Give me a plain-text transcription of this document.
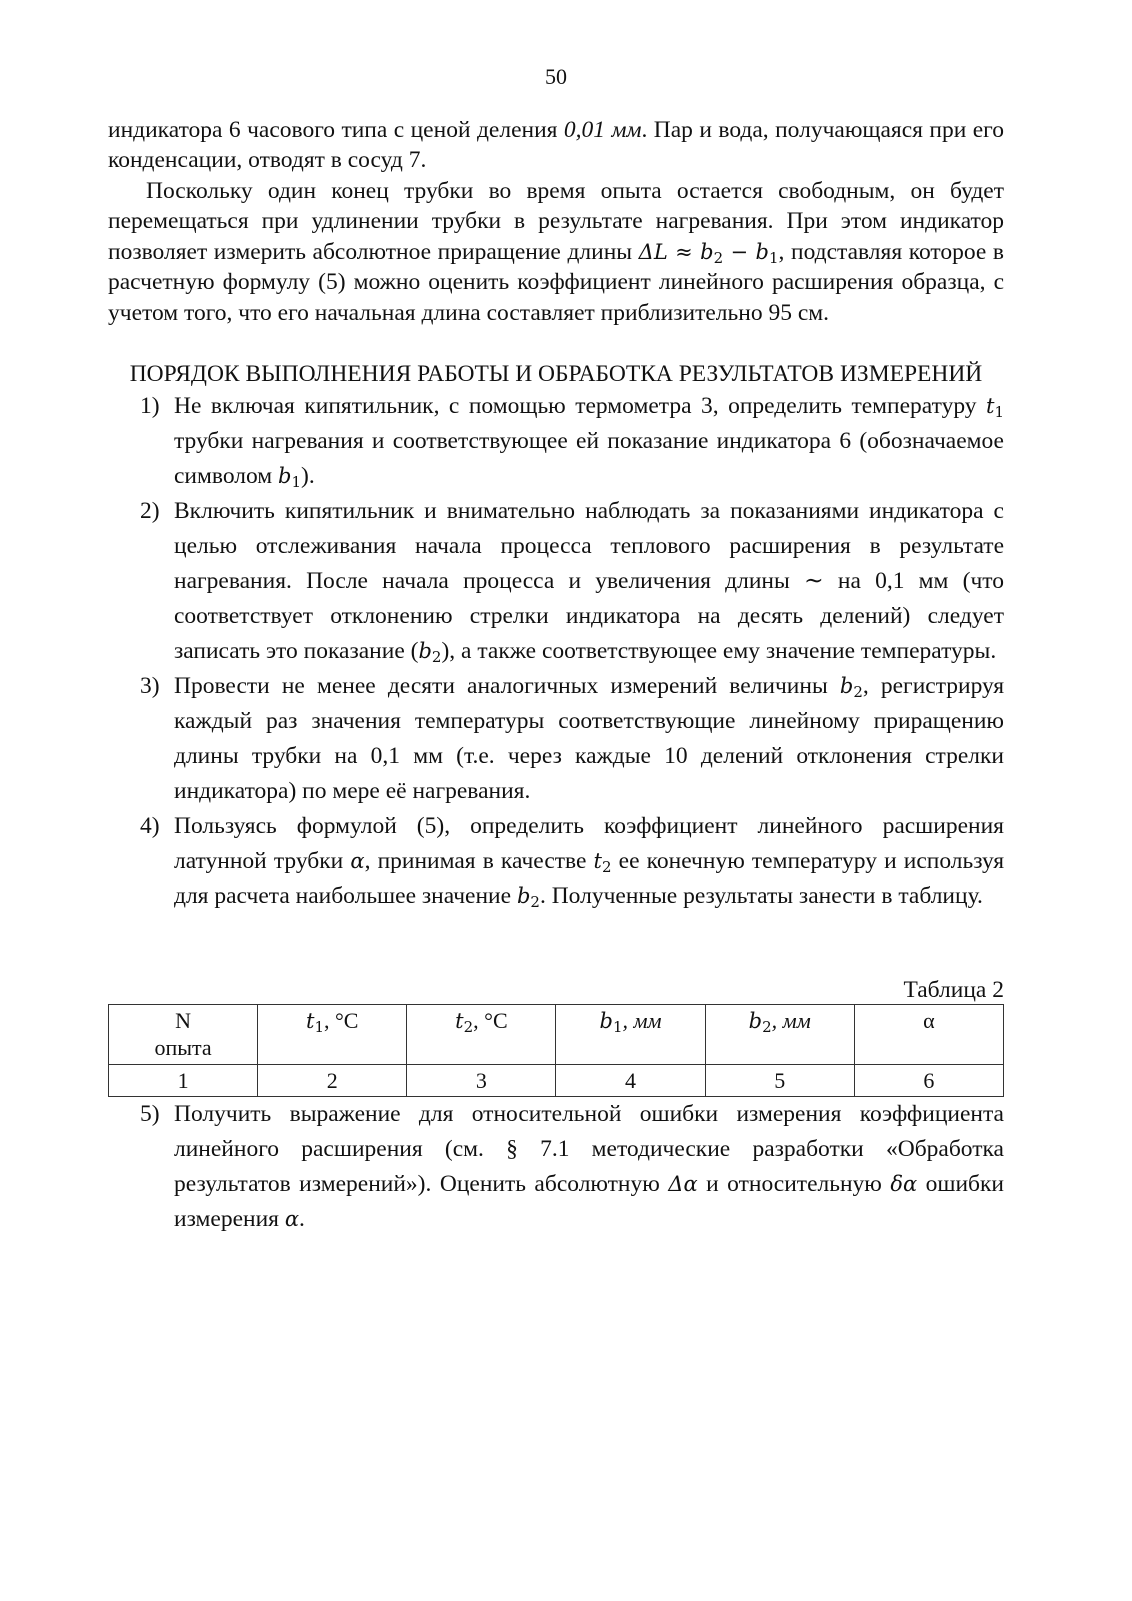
50

индикатора 6 часового типа с ценой деления 0,01 мм. Пар и вода, получающаяся при его конденсации, отводят в сосуд 7.

Поскольку один конец трубки во время опыта остается свободным, он будет перемещаться при удлинении трубки в результате нагревания. При этом индикатор позволяет измерить абсолютное приращение длины $\Delta L \approx b_2 - b_1$, подставляя которое в расчетную формулу (5) можно оценить коэффициент линейного расширения образца, с учетом того, что его начальная длина составляет приблизительно 95 см.

ПОРЯДОК ВЫПОЛНЕНИЯ РАБОТЫ И ОБРАБОТКА РЕЗУЛЬТАТОВ ИЗМЕРЕНИЙ
1) Не включая кипятильник, с помощью термометра 3, определить температуру $t_1$ трубки нагревания и соответствующее ей показание индикатора 6 (обозначаемое символом $b_1$).
2) Включить кипятильник и внимательно наблюдать за показаниями индикатора с целью отслеживания начала процесса теплового расширения в результате нагревания. После начала процесса и увеличения длины ∼ на 0,1 мм (что соответствует отклонению стрелки индикатора на десять делений) следует записать это показание $(b_2)$, а также соответствующее ему значение температуры.
3) Провести не менее десяти аналогичных измерений величины $b_2$, регистрируя каждый раз значения температуры соответствующие линейному приращению длины трубки на 0,1 мм (т.е. через каждые 10 делений отклонения стрелки индикатора) по мере её нагревания.
4) Пользуясь формулой (5), определить коэффициент линейного расширения латунной трубки α, принимая в качестве $t_2$ ее конечную температуру и используя для расчета наибольшее значение $b_2$. Полученные результаты занести в таблицу.
Таблица 2
N
опыта	$t_1$, °C	$t_2$, °C	$b_1$, мм	$b_2$, мм	α
1	2	3	4	5	6
5) Получить выражение для относительной ошибки измерения коэффициента линейного расширения (см. § 7.1 методические разработки «Обработка результатов измерений»). Оценить абсолютную Δα и относительную δα ошибки измерения α.
